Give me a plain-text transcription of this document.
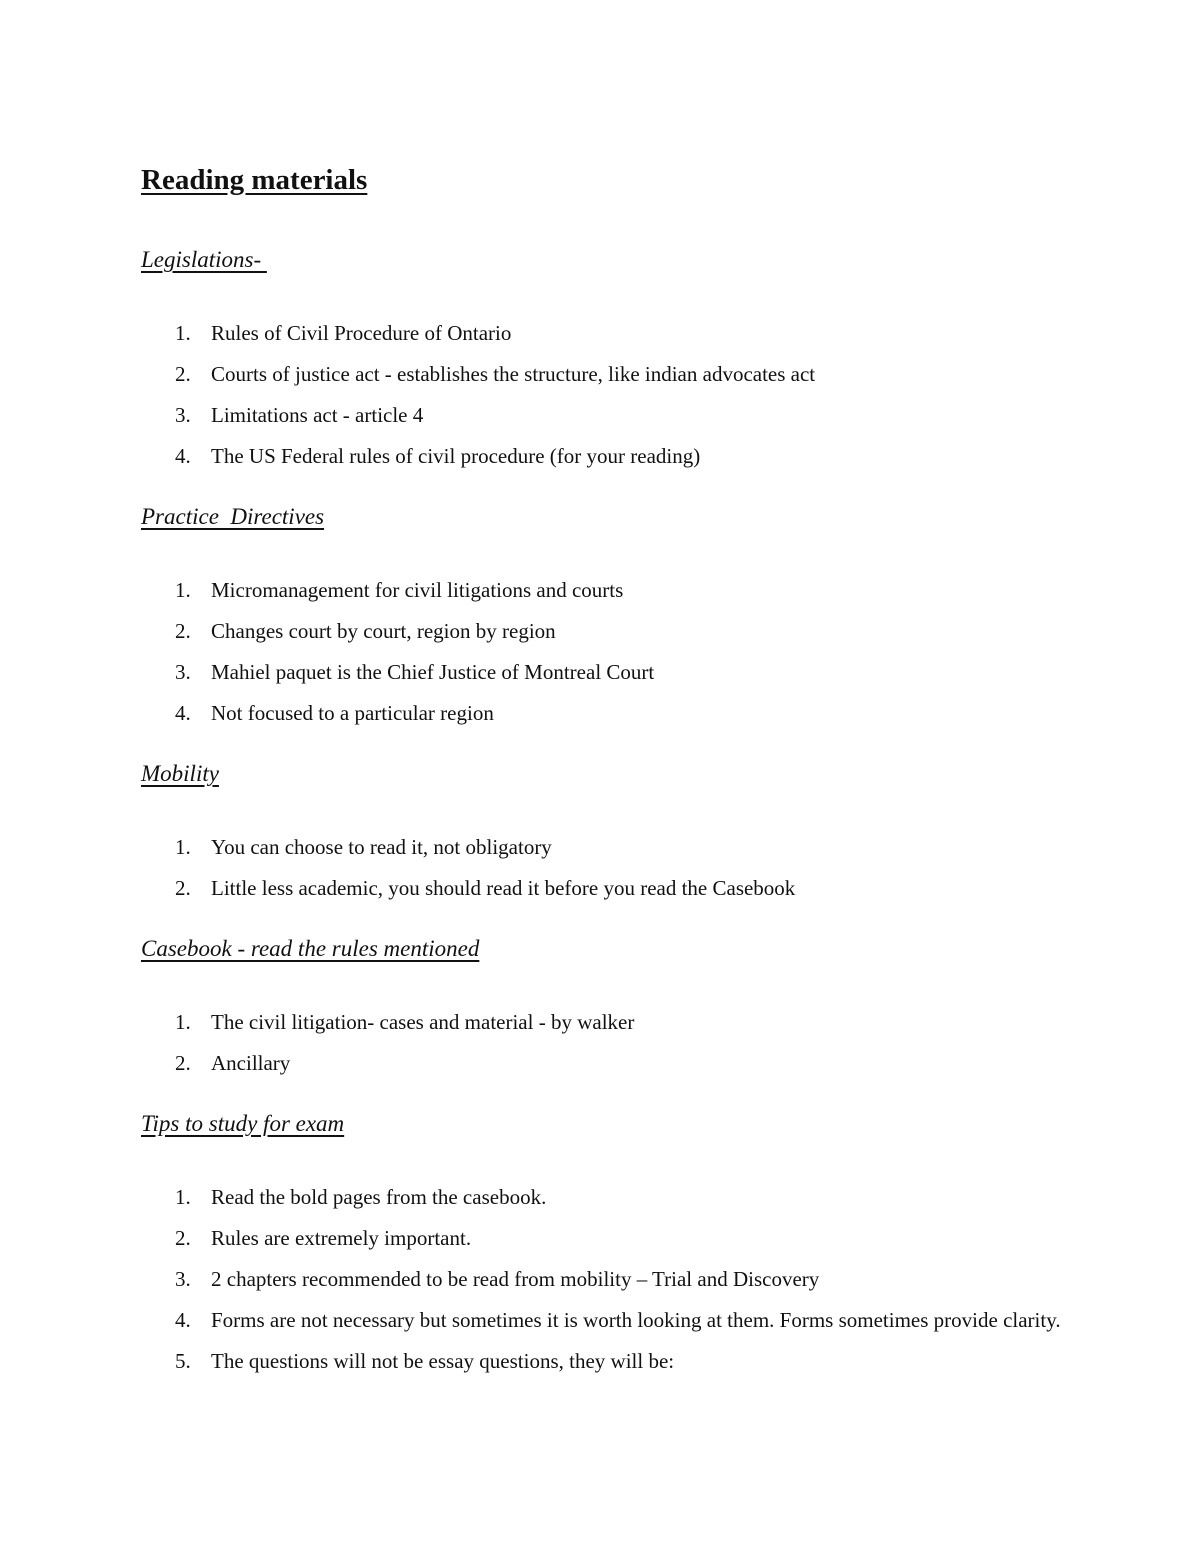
Reading materials
Legislations-
1. Rules of Civil Procedure of Ontario
2. Courts of justice act - establishes the structure, like indian advocates act
3. Limitations act - article 4
4. The US Federal rules of civil procedure (for your reading)
Practice  Directives
1. Micromanagement for civil litigations and courts
2. Changes court by court, region by region
3. Mahiel paquet is the Chief Justice of Montreal Court
4. Not focused to a particular region
Mobility
1. You can choose to read it, not obligatory
2. Little less academic, you should read it before you read the Casebook
Casebook - read the rules mentioned
1. The civil litigation- cases and material - by walker
2. Ancillary
Tips to study for exam
1. Read the bold pages from the casebook.
2. Rules are extremely important.
3. 2 chapters recommended to be read from mobility – Trial and Discovery
4. Forms are not necessary but sometimes it is worth looking at them. Forms sometimes provide clarity.
5. The questions will not be essay questions, they will be:
